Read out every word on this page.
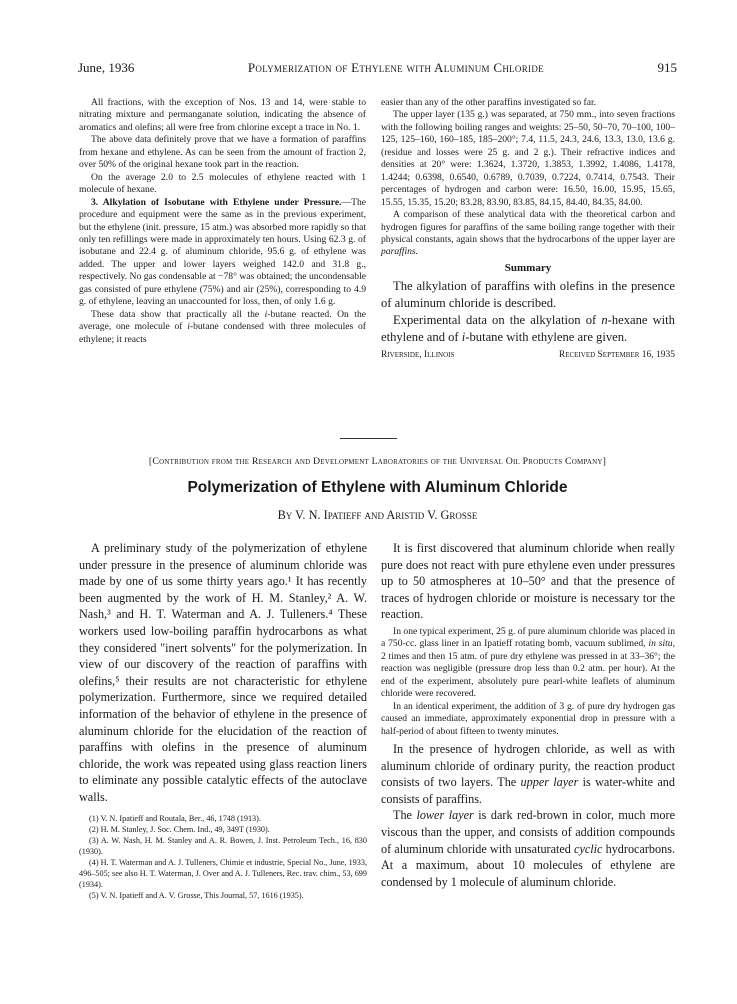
June, 1936	Polymerization of Ethylene with Aluminum Chloride	915

All fractions, with the exception of Nos. 13 and 14, were stable to nitrating mixture and permanganate solution, indicating the absence of aromatics and olefins; all were free from chlorine except a trace in No. 1.

The above data definitely prove that we have a formation of paraffins from hexane and ethylene. As can be seen from the amount of fraction 2, over 50% of the original hexane took part in the reaction.

On the average 2.0 to 2.5 molecules of ethylene reacted with 1 molecule of hexane.

3. Alkylation of Isobutane with Ethylene under Pressure.—The procedure and equipment were the same as in the previous experiment, but the ethylene (init. pressure, 15 atm.) was absorbed more rapidly so that only ten refillings were made in approximately ten hours. Using 62.3 g. of isobutane and 22.4 g. of aluminum chloride, 95.6 g. of ethylene was added. The upper and lower layers weighed 142.0 and 31.8 g., respectively. No gas condensable at −78° was obtained; the uncondensable gas consisted of pure ethylene (75%) and air (25%), corresponding to 4.9 g. of ethylene, leaving an unaccounted for loss, then, of only 1.6 g.

These data show that practically all the i-butane reacted. On the average, one molecule of i-butane condensed with three molecules of ethylene; it reacts

easier than any of the other paraffins investigated so far.

The upper layer (135 g.) was separated, at 750 mm., into seven fractions with the following boiling ranges and weights: 25–50, 50–70, 70–100, 100–125, 125–160, 160–185, 185–200°; 7.4, 11.5, 24.3, 24.6, 13.3, 13.0, 13.6 g. (residue and losses were 25 g. and 2 g.). Their refractive indices and densities at 20° were: 1.3624, 1.3720, 1.3853, 1.3992, 1.4086, 1.4178, 1.4244; 0.6398, 0.6540, 0.6789, 0.7039, 0.7224, 0.7414, 0.7543. Their percentages of hydrogen and carbon were: 16.50, 16.00, 15.95, 15.65, 15.55, 15.35, 15.20; 83.28, 83.90, 83.85, 84.15, 84.40, 84.35, 84.00.

A comparison of these analytical data with the theoretical carbon and hydrogen figures for paraffins of the same boiling range together with their physical constants, again shows that the hydrocarbons of the upper layer are paraffins.

Summary

The alkylation of paraffins with olefins in the presence of aluminum chloride is described.

Experimental data on the alkylation of n-hexane with ethylene and of i-butane with ethylene are given.

Riverside, Illinois	Received September 16, 1935
[Contribution from the Research and Development Laboratories of the Universal Oil Products Company]
Polymerization of Ethylene with Aluminum Chloride
By V. N. Ipatieff and Aristid V. Grosse

A preliminary study of the polymerization of ethylene under pressure in the presence of aluminum chloride was made by one of us some thirty years ago.¹ It has recently been augmented by the work of H. M. Stanley,² A. W. Nash,³ and H. T. Waterman and A. J. Tulleners.⁴ These workers used low-boiling paraffin hydrocarbons as what they considered "inert solvents" for the polymerization. In view of our discovery of the reaction of paraffins with olefins,⁵ their results are not characteristic for ethylene polymerization. Furthermore, since we required detailed information of the behavior of ethylene in the presence of aluminum chloride for the elucidation of the reaction of paraffins with olefins in the presence of aluminum chloride, the work was repeated using glass reaction liners to eliminate any possible catalytic effects of the autoclave walls.

(1) V. N. Ipatieff and Routala, Ber., 46, 1748 (1913).

(2) H. M. Stanley, J. Soc. Chem. Ind., 49, 349T (1930).

(3) A. W. Nash, H. M. Stanley and A. R. Bowen, J. Inst. Petroleum Tech., 16, 830 (1930).

(4) H. T. Waterman and A. J. Tulleners, Chimie et industrie, Special No., June, 1933, 496–505; see also H. T. Waterman, J. Over and A. J. Tulleners, Rec. trav. chim., 53, 699 (1934).

(5) V. N. Ipatieff and A. V. Grosse, This Journal, 57, 1616 (1935).

It is first discovered that aluminum chloride when really pure does not react with pure ethylene even under pressures up to 50 atmospheres at 10–50° and that the presence of traces of hydrogen chloride or moisture is necessary tor the reaction.

In one typical experiment, 25 g. of pure aluminum chloride was placed in a 750-cc. glass liner in an Ipatieff rotating bomb, vacuum sublimed, in situ, 2 times and then 15 atm. of pure dry ethylene was pressed in at 33–36°; the reaction was negligible (pressure drop less than 0.2 atm. per hour). At the end of the experiment, absolutely pure pearl-white leaflets of aluminum chloride were recovered.

In an identical experiment, the addition of 3 g. of pure dry hydrogen gas caused an immediate, approximately exponential drop in pressure with a half-period of about fifteen to twenty minutes.

In the presence of hydrogen chloride, as well as with aluminum chloride of ordinary purity, the reaction product consists of two layers. The upper layer is water-white and consists of paraffins.

The lower layer is dark red-brown in color, much more viscous than the upper, and consists of addition compounds of aluminum chloride with unsaturated cyclic hydrocarbons. At a maximum, about 10 molecules of ethylene are condensed by 1 molecule of aluminum chloride.
